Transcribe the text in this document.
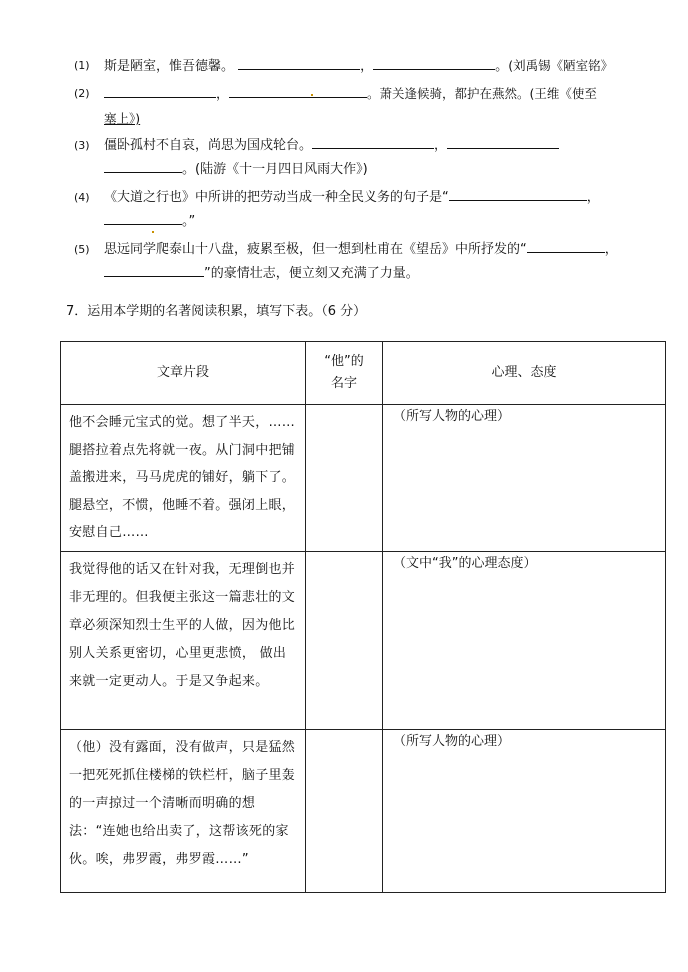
(1) 斯是陋室，惟吾德馨。	，	。(刘禹锡《陋室铭》

(2)	，	。萧关逢候骑，都护在燕然。(王维《使至
塞上》)

(3) 僵卧孤村不自哀，尚思为国戍轮台。	，
。(陆游《十一月四日风雨大作》)

(4) 《大道之行也》中所讲的把劳动当成一种全民义务的句子是“	，
。”

(5) 思远同学爬泰山十八盘，疲累至极，但一想到杜甫在《望岳》中所抒发的“	，
”的豪情壮志，便立刻又充满了力量。

7．运用本学期的名著阅读积累，填写下表。（6 分）
文章片段	“他”的名字	心理、态度
他不会睡元宝式的觉。想了半天，……腿搭拉着点先将就一夜。从门洞中把铺盖搬进来，马马虎虎的铺好，躺下了。腿悬空，不惯，他睡不着。强闭上眼，安慰自己……		（所写人物的心理）
我觉得他的话又在针对我，无理倒也并非无理的。但我便主张这一篇悲壮的文章必须深知烈士生平的人做，因为他比别人关系更密切，心里更悲愤， 做出来就一定更动人。于是又争起来。		（文中“我”的心理态度）
（他）没有露面，没有做声，只是猛然一把死死抓住楼梯的铁栏杆，脑子里轰的一声掠过一个清晰而明确的想法：“连她也给出卖了，这帮该死的家伙。唉，弗罗霞，弗罗霞……”		（所写人物的心理）
